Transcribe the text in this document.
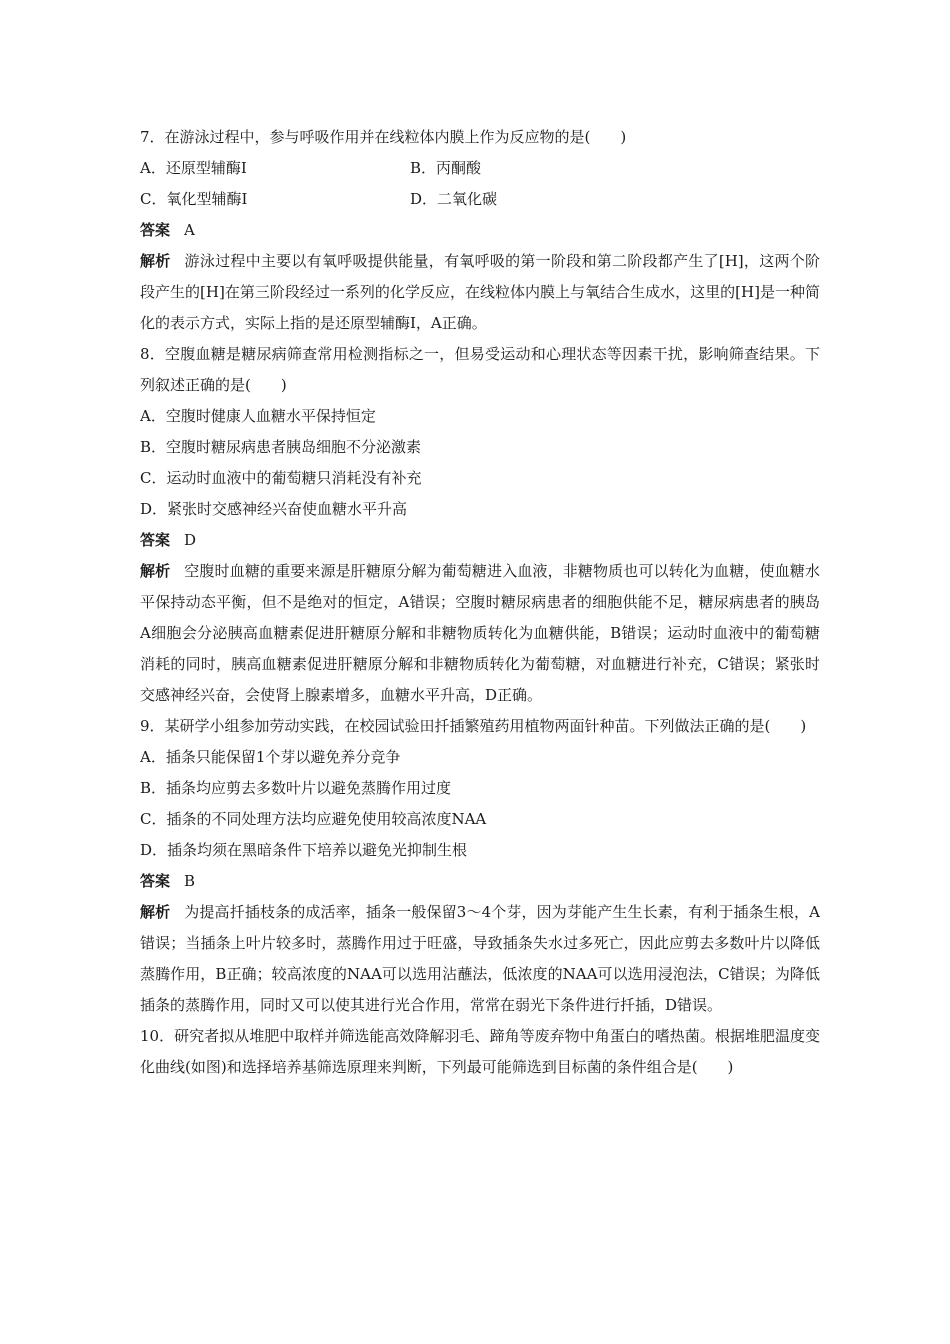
7．在游泳过程中，参与呼吸作用并在线粒体内膜上作为反应物的是(　　)
A．还原型辅酶Ⅰ	B．丙酮酸
C．氧化型辅酶Ⅰ	D．二氧化碳
答案 A
解析 游泳过程中主要以有氧呼吸提供能量，有氧呼吸的第一阶段和第二阶段都产生了[H]，这两个阶段产生的[H]在第三阶段经过一系列的化学反应，在线粒体内膜上与氧结合生成水，这里的[H]是一种简化的表示方式，实际上指的是还原型辅酶Ⅰ，A正确。
8．空腹血糖是糖尿病筛查常用检测指标之一，但易受运动和心理状态等因素干扰，影响筛查结果。下列叙述正确的是(　　)
A．空腹时健康人血糖水平保持恒定
B．空腹时糖尿病患者胰岛细胞不分泌激素
C．运动时血液中的葡萄糖只消耗没有补充
D．紧张时交感神经兴奋使血糖水平升高
答案 D
解析 空腹时血糖的重要来源是肝糖原分解为葡萄糖进入血液，非糖物质也可以转化为血糖，使血糖水平保持动态平衡，但不是绝对的恒定，A错误；空腹时糖尿病患者的细胞供能不足，糖尿病患者的胰岛A细胞会分泌胰高血糖素促进肝糖原分解和非糖物质转化为血糖供能，B错误；运动时血液中的葡萄糖消耗的同时，胰高血糖素促进肝糖原分解和非糖物质转化为葡萄糖，对血糖进行补充，C错误；紧张时交感神经兴奋，会使肾上腺素增多，血糖水平升高，D正确。
9．某研学小组参加劳动实践，在校园试验田扦插繁殖药用植物两面针种苗。下列做法正确的是(　　)
A．插条只能保留1个芽以避免养分竞争
B．插条均应剪去多数叶片以避免蒸腾作用过度
C．插条的不同处理方法均应避免使用较高浓度NAA
D．插条均须在黑暗条件下培养以避免光抑制生根
答案 B
解析 为提高扦插枝条的成活率，插条一般保留3～4个芽，因为芽能产生生长素，有利于插条生根，A错误；当插条上叶片较多时，蒸腾作用过于旺盛，导致插条失水过多死亡，因此应剪去多数叶片以降低蒸腾作用，B正确；较高浓度的NAA可以选用沾蘸法，低浓度的NAA可以选用浸泡法，C错误；为降低插条的蒸腾作用，同时又可以使其进行光合作用，常常在弱光下条件进行扦插，D错误。
10．研究者拟从堆肥中取样并筛选能高效降解羽毛、蹄角等废弃物中角蛋白的嗜热菌。根据堆肥温度变化曲线(如图)和选择培养基筛选原理来判断，下列最可能筛选到目标菌的条件组合是(　　)
